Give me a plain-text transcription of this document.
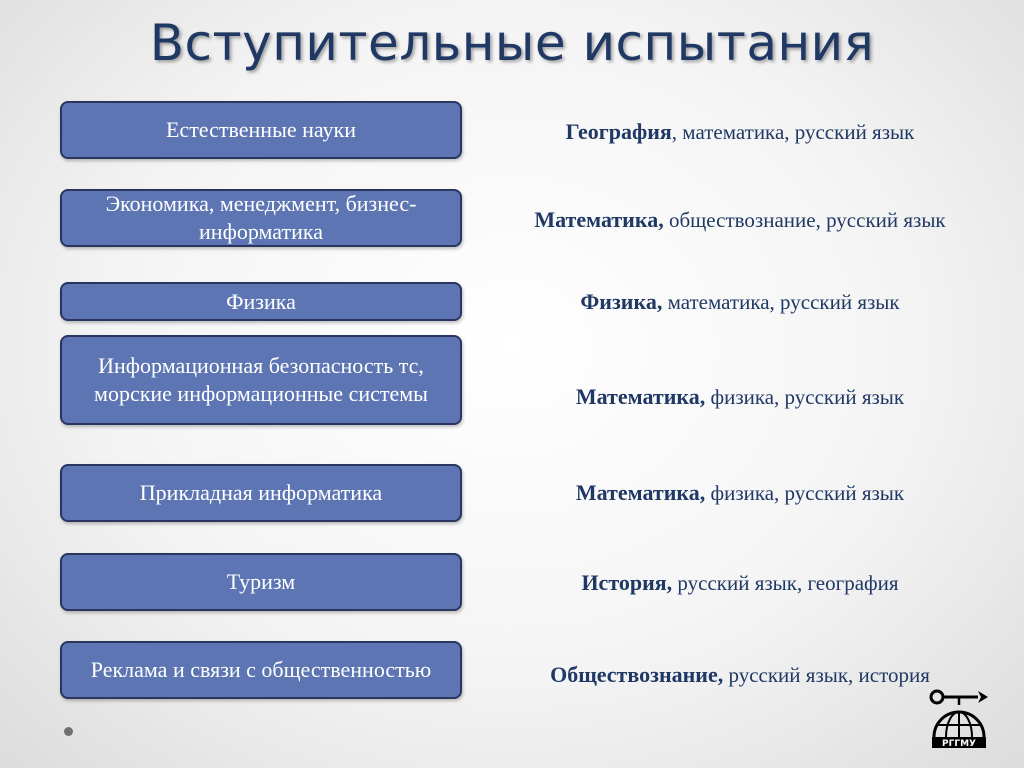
Вступительные испытания
Естественные науки	География, математика, русский язык
Экономика, менеджмент, бизнес-информатика	Математика, обществознание, русский язык
Физика	Физика, математика, русский язык
Информационная безопасность тс, морские информационные системы	Математика, физика, русский язык
Прикладная информатика	Математика, физика, русский язык
Туризм	История, русский язык, география
Реклама и связи с общественностью	Обществознание, русский язык, история
РГГМУ
